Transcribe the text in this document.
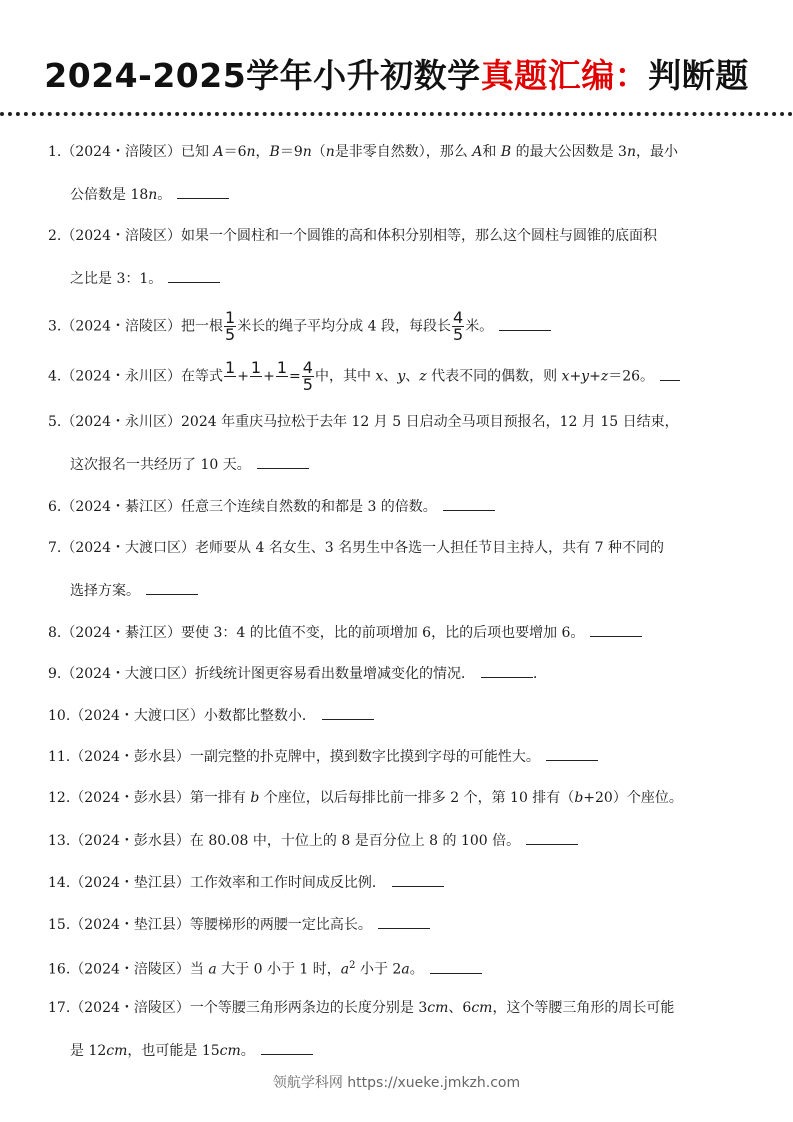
2024-2025学年小升初数学真题汇编：判断题
1.（2024・涪陵区）已知 A＝6n，B＝9n（n是非零自然数），那么 A和 B 的最大公因数是 3n，最小
公倍数是 18n。
2.（2024・涪陵区）如果一个圆柱和一个圆锥的高和体积分别相等，那么这个圆柱与圆锥的底面积
之比是 3：1。
3.（2024・涪陵区）把一根 $\frac{1}{5}$ 米长的绳子平均分成 4 段，每段长 $\frac{4}{5}$ 米。
4.（2024・永川区）在等式 $1 + 1 + 1 = \frac{4}{5}$ 中，其中 x、y、z 代表不同的偶数，则 x+y+z＝26。
5.（2024・永川区）2024 年重庆马拉松于去年 12 月 5 日启动全马项目预报名，12 月 15 日结束，
这次报名一共经历了 10 天。
6.（2024・綦江区）任意三个连续自然数的和都是 3 的倍数。
7.（2024・大渡口区）老师要从 4 名女生、3 名男生中各选一人担任节目主持人，共有 7 种不同的
选择方案。
8.（2024・綦江区）要使 3：4 的比值不变，比的前项增加 6，比的后项也要增加 6。
9.（2024・大渡口区）折线统计图更容易看出数量增减变化的情况．	．
10.（2024・大渡口区）小数都比整数小．
11.（2024・彭水县）一副完整的扑克牌中，摸到数字比摸到字母的可能性大。
12.（2024・彭水县）第一排有 b 个座位，以后每排比前一排多 2 个，第 10 排有（b+20）个座位。
13.（2024・彭水县）在 80.08 中，十位上的 8 是百分位上 8 的 100 倍。
14.（2024・垫江县）工作效率和工作时间成反比例．
15.（2024・垫江县）等腰梯形的两腰一定比高长。
16.（2024・涪陵区）当 a 大于 0 小于 1 时，$a^2$ 小于 2a。
17.（2024・涪陵区）一个等腰三角形两条边的长度分别是 3cm、6cm，这个等腰三角形的周长可能
是 12cm，也可能是 15cm。
领航学科网 https://xueke.jmkzh.com
